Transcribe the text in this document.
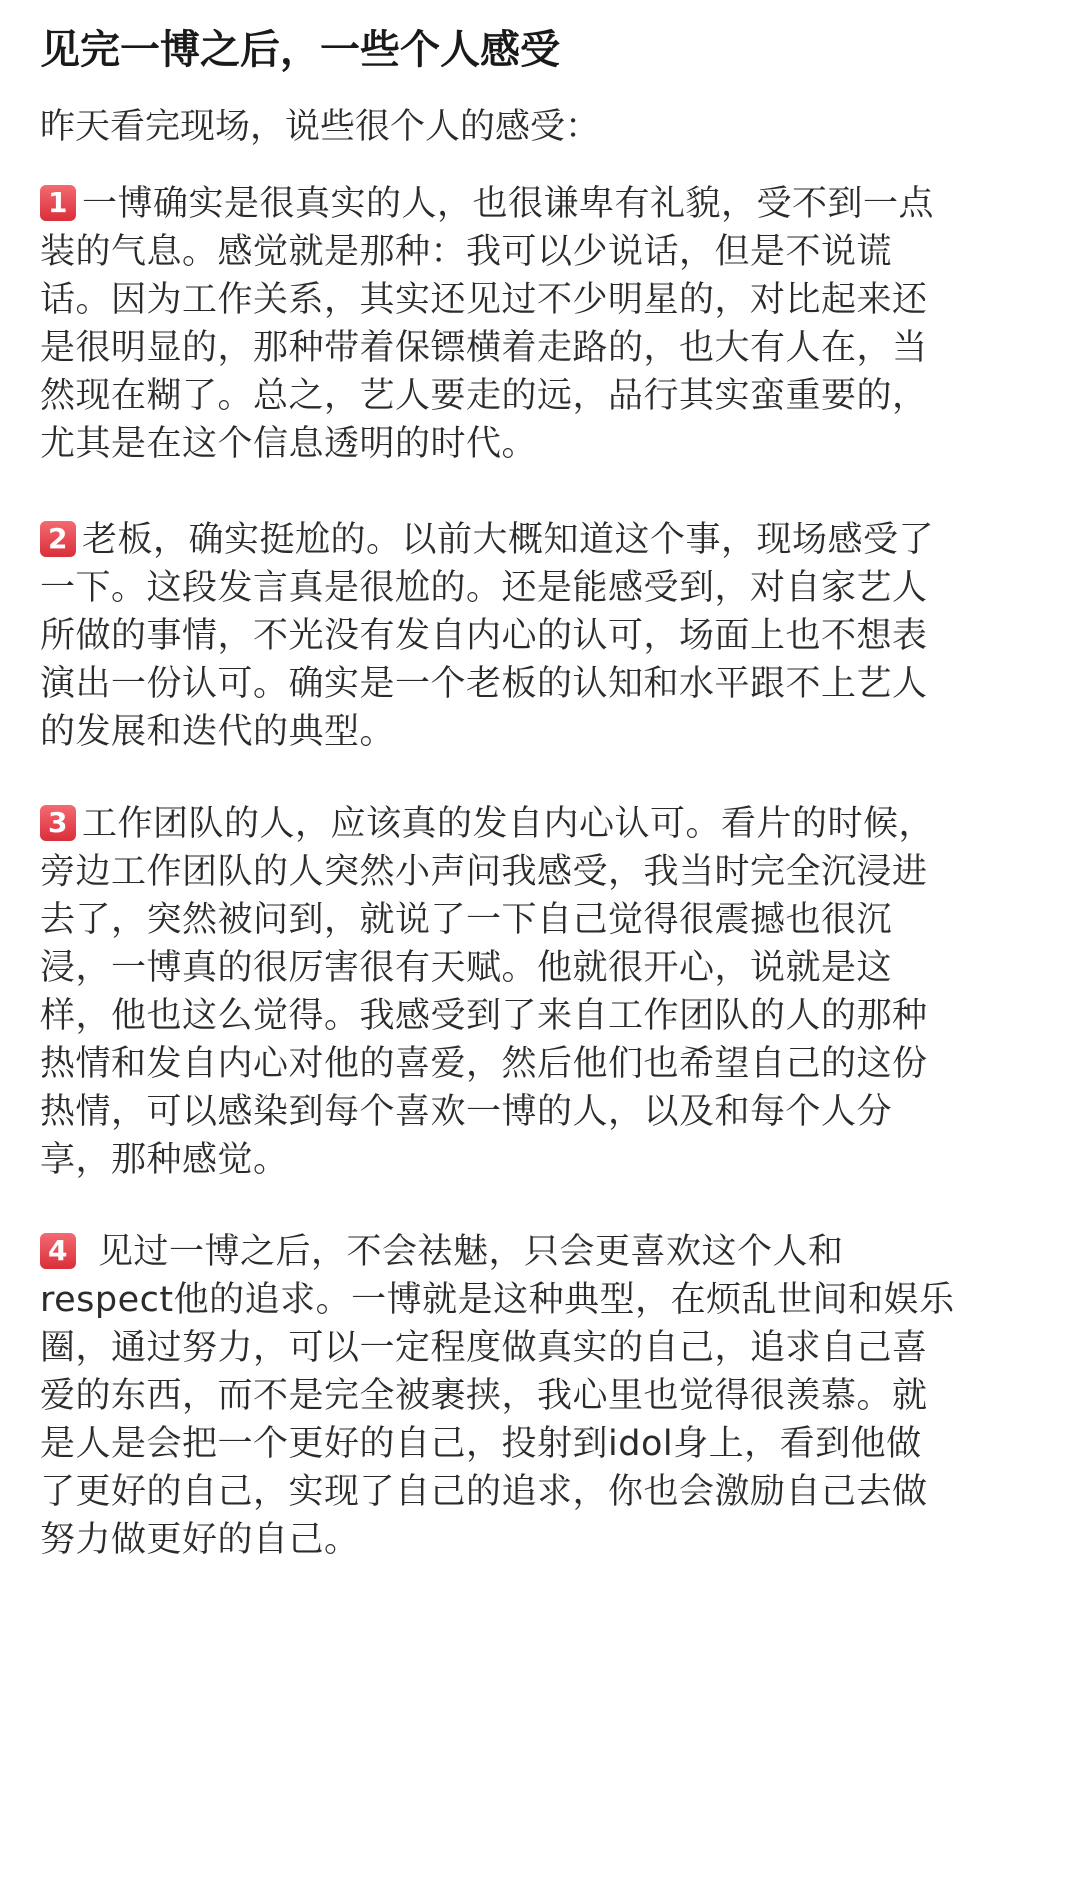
见完一博之后，一些个人感受
昨天看完现场，说些很个人的感受：
1 一博确实是很真实的人，也很谦卑有礼貌，受不到一点
装的气息。感觉就是那种：我可以少说话，但是不说谎
话。因为工作关系，其实还见过不少明星的，对比起来还
是很明显的，那种带着保镖横着走路的，也大有人在，当
然现在糊了。总之，艺人要走的远，品行其实蛮重要的，
尤其是在这个信息透明的时代。
2 老板，确实挺尬的。以前大概知道这个事，现场感受了
一下。这段发言真是很尬的。还是能感受到，对自家艺人
所做的事情，不光没有发自内心的认可，场面上也不想表
演出一份认可。确实是一个老板的认知和水平跟不上艺人
的发展和迭代的典型。
3 工作团队的人，应该真的发自内心认可。看片的时候，
旁边工作团队的人突然小声问我感受，我当时完全沉浸进
去了，突然被问到，就说了一下自己觉得很震撼也很沉
浸，一博真的很厉害很有天赋。他就很开心，说就是这
样，他也这么觉得。我感受到了来自工作团队的人的那种
热情和发自内心对他的喜爱，然后他们也希望自己的这份
热情，可以感染到每个喜欢一博的人，以及和每个人分
享，那种感觉。
4 见过一博之后，不会祛魅，只会更喜欢这个人和
respect他的追求。一博就是这种典型，在烦乱世间和娱乐
圈，通过努力，可以一定程度做真实的自己，追求自己喜
爱的东西，而不是完全被裹挟，我心里也觉得很羡慕。就
是人是会把一个更好的自己，投射到idol身上，看到他做
了更好的自己，实现了自己的追求，你也会激励自己去做
努力做更好的自己。
